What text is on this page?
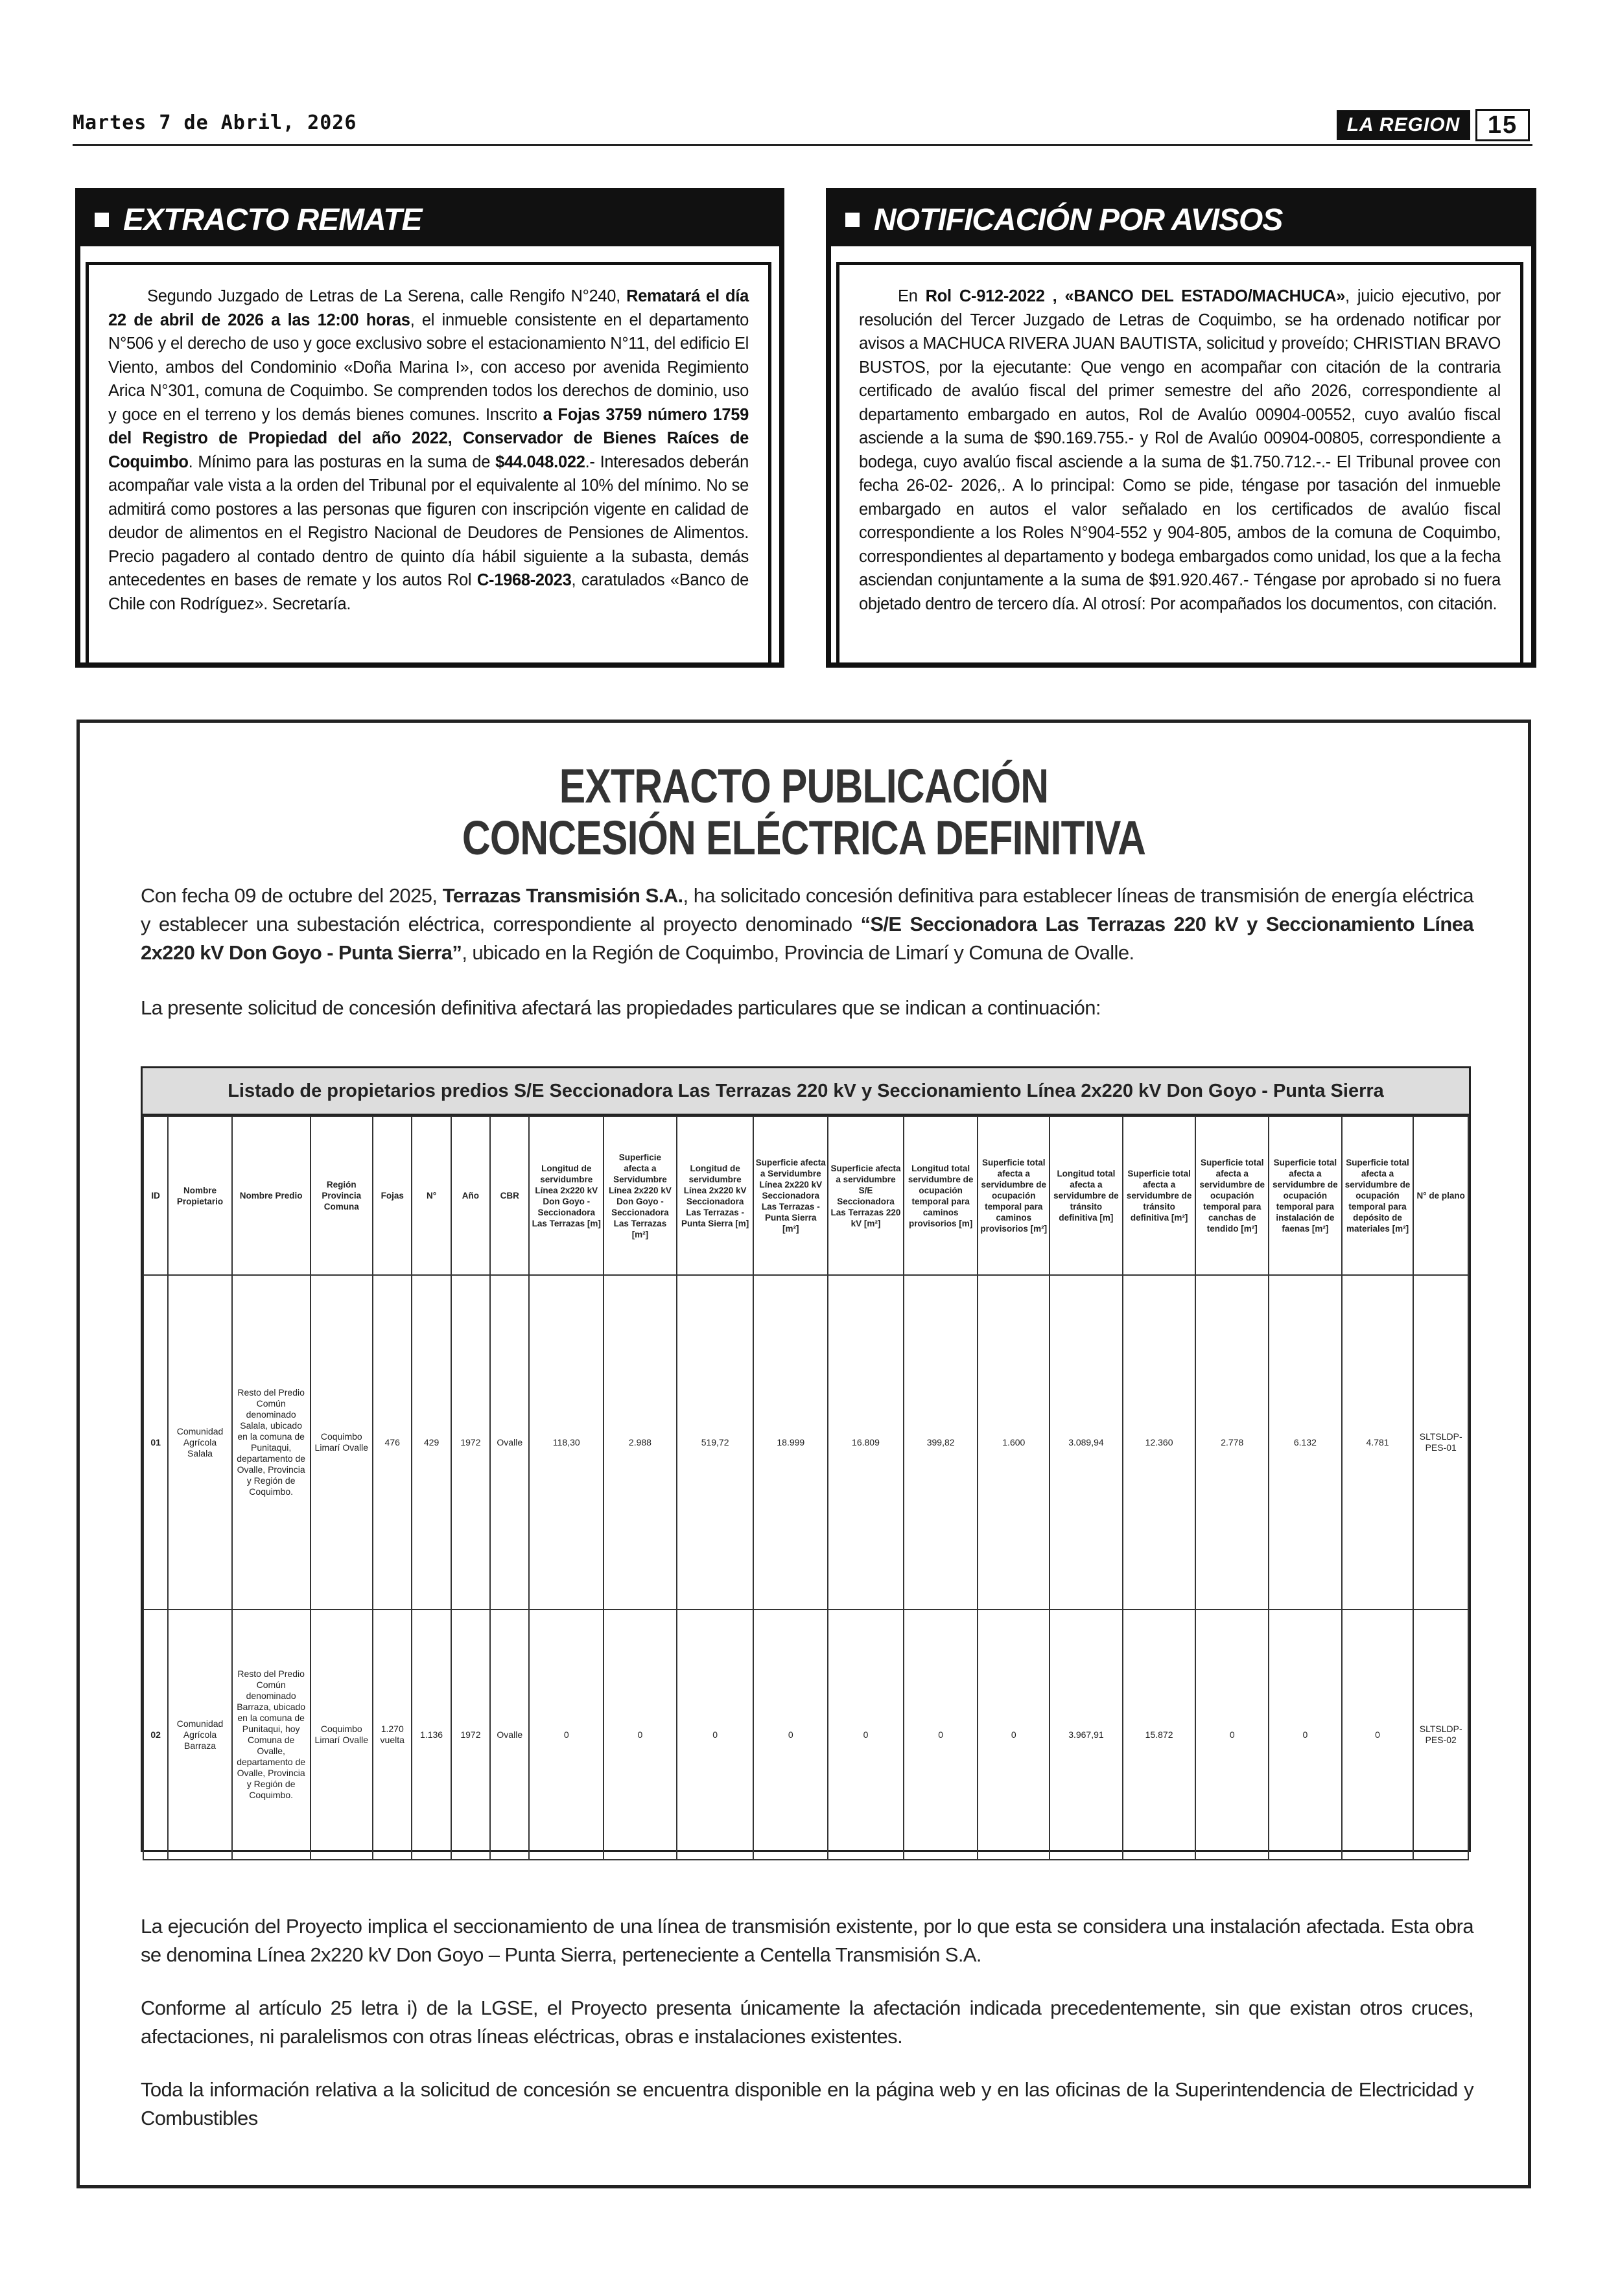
Martes 7 de Abril, 2026	LA REGION	15
EXTRACTO REMATE

Segundo Juzgado de Letras de La Serena, calle Rengifo N°240, Rematará el día 22 de abril de 2026 a las 12:00 horas, el inmueble consistente en el departamento N°506 y el derecho de uso y goce exclusivo sobre el estacionamiento N°11, del edificio El Viento, ambos del Condominio «Doña Marina I», con acceso por avenida Regimiento Arica N°301, comuna de Coquimbo. Se comprenden todos los derechos de dominio, uso y goce en el terreno y los demás bienes comunes. Inscrito a Fojas 3759 número 1759 del Registro de Propiedad del año 2022, Conservador de Bienes Raíces de Coquimbo. Mínimo para las posturas en la suma de $44.048.022.- Interesados deberán acompañar vale vista a la orden del Tribunal por el equivalente al 10% del mínimo. No se admitirá como postores a las personas que figuren con inscripción vigente en calidad de deudor de alimentos en el Registro Nacional de Deudores de Pensiones de Alimentos. Precio pagadero al contado dentro de quinto día hábil siguiente a la subasta, demás antecedentes en bases de remate y los autos Rol C-1968-2023, caratulados «Banco de Chile con Rodríguez». Secretaría.

NOTIFICACIÓN POR AVISOS

En Rol C-912-2022 , «BANCO DEL ESTADO/MACHUCA», juicio ejecutivo, por resolución del Tercer Juzgado de Letras de Coquimbo, se ha ordenado notificar por avisos a MACHUCA RIVERA JUAN BAUTISTA, solicitud y proveído; CHRISTIAN BRAVO BUSTOS, por la ejecutante: Que vengo en acompañar con citación de la contraria certificado de avalúo fiscal del primer semestre del año 2026, correspondiente al departamento embargado en autos, Rol de Avalúo 00904-00552, cuyo avalúo fiscal asciende a la suma de $90.169.755.- y Rol de Avalúo 00904-00805, correspondiente a bodega, cuyo avalúo fiscal asciende a la suma de $1.750.712.-.- El Tribunal provee con fecha 26-02- 2026,. A lo principal: Como se pide, téngase por tasación del inmueble embargado en autos el valor señalado en los certificados de avalúo fiscal correspondiente a los Roles N°904-552 y 904-805, ambos de la comuna de Coquimbo, correspondientes al departamento y bodega embargados como unidad, los que a la fecha asciendan conjuntamente a la suma de $91.920.467.- Téngase por aprobado si no fuera objetado dentro de tercero día. Al otrosí: Por acompañados los documentos, con citación.

EXTRACTO PUBLICACIÓN
CONCESIÓN ELÉCTRICA DEFINITIVA
Con fecha 09 de octubre del 2025, Terrazas Transmisión S.A., ha solicitado concesión definitiva para establecer líneas de transmisión de energía eléctrica y establecer una subestación eléctrica, correspondiente al proyecto denominado “S/E Seccionadora Las Terrazas 220 kV y Seccionamiento Línea 2x220 kV Don Goyo - Punta Sierra”, ubicado en la Región de Coquimbo, Provincia de Limarí y Comuna de Ovalle.
La presente solicitud de concesión definitiva afectará las propiedades particulares que se indican a continuación:
Listado de propietarios predios S/E Seccionadora Las Terrazas 220 kV y Seccionamiento Línea 2x220 kV Don Goyo - Punta Sierra
ID	Nombre Propietario	Nombre Predio	Región Provincia Comuna	Fojas	N°	Año	CBR	Longitud de servidumbre Línea 2x220 kV Don Goyo - Seccionadora Las Terrazas [m]	Superficie afecta a Servidumbre Línea 2x220 kV Don Goyo - Seccionadora Las Terrazas [m²]	Longitud de servidumbre Línea 2x220 kV Seccionadora Las Terrazas - Punta Sierra [m]	Superficie afecta a Servidumbre Línea 2x220 kV Seccionadora Las Terrazas - Punta Sierra [m²]	Superficie afecta a servidumbre S/E Seccionadora Las Terrazas 220 kV [m²]	Longitud total servidumbre de ocupación temporal para caminos provisorios [m]	Superficie total afecta a servidumbre de ocupación temporal para caminos provisorios [m²]	Longitud total afecta a servidumbre de tránsito definitiva [m]	Superficie total afecta a servidumbre de tránsito definitiva [m²]	Superficie total afecta a servidumbre de ocupación temporal para canchas de tendido [m²]	Superficie total afecta a servidumbre de ocupación temporal para instalación de faenas [m²]	Superficie total afecta a servidumbre de ocupación temporal para depósito de materiales [m²]	N° de plano
01	Comunidad Agrícola Salala	Resto del Predio Común denominado Salala, ubicado en la comuna de Punitaqui, departamento de Ovalle, Provincia y Región de Coquimbo.	Coquimbo Limarí Ovalle	476	429	1972	Ovalle	118,30	2.988	519,72	18.999	16.809	399,82	1.600	3.089,94	12.360	2.778	6.132	4.781	SLTSLDP-PES-01
02	Comunidad Agrícola Barraza	Resto del Predio Común denominado Barraza, ubicado en la comuna de Punitaqui, hoy Comuna de Ovalle, departamento de Ovalle, Provincia y Región de Coquimbo.	Coquimbo Limarí Ovalle	1.270 vuelta	1.136	1972	Ovalle	0	0	0	0	0	0	0	3.967,91	15.872	0	0	0	SLTSLDP-PES-02
La ejecución del Proyecto implica el seccionamiento de una línea de transmisión existente, por lo que esta se considera una instalación afectada. Esta obra se denomina Línea 2x220 kV Don Goyo – Punta Sierra, perteneciente a Centella Transmisión S.A.
Conforme al artículo 25 letra i) de la LGSE, el Proyecto presenta únicamente la afectación indicada precedentemente, sin que existan otros cruces, afectaciones, ni paralelismos con otras líneas eléctricas, obras e instalaciones existentes.
Toda la información relativa a la solicitud de concesión se encuentra disponible en la página web y en las oficinas de la Superintendencia de Electricidad y Combustibles
